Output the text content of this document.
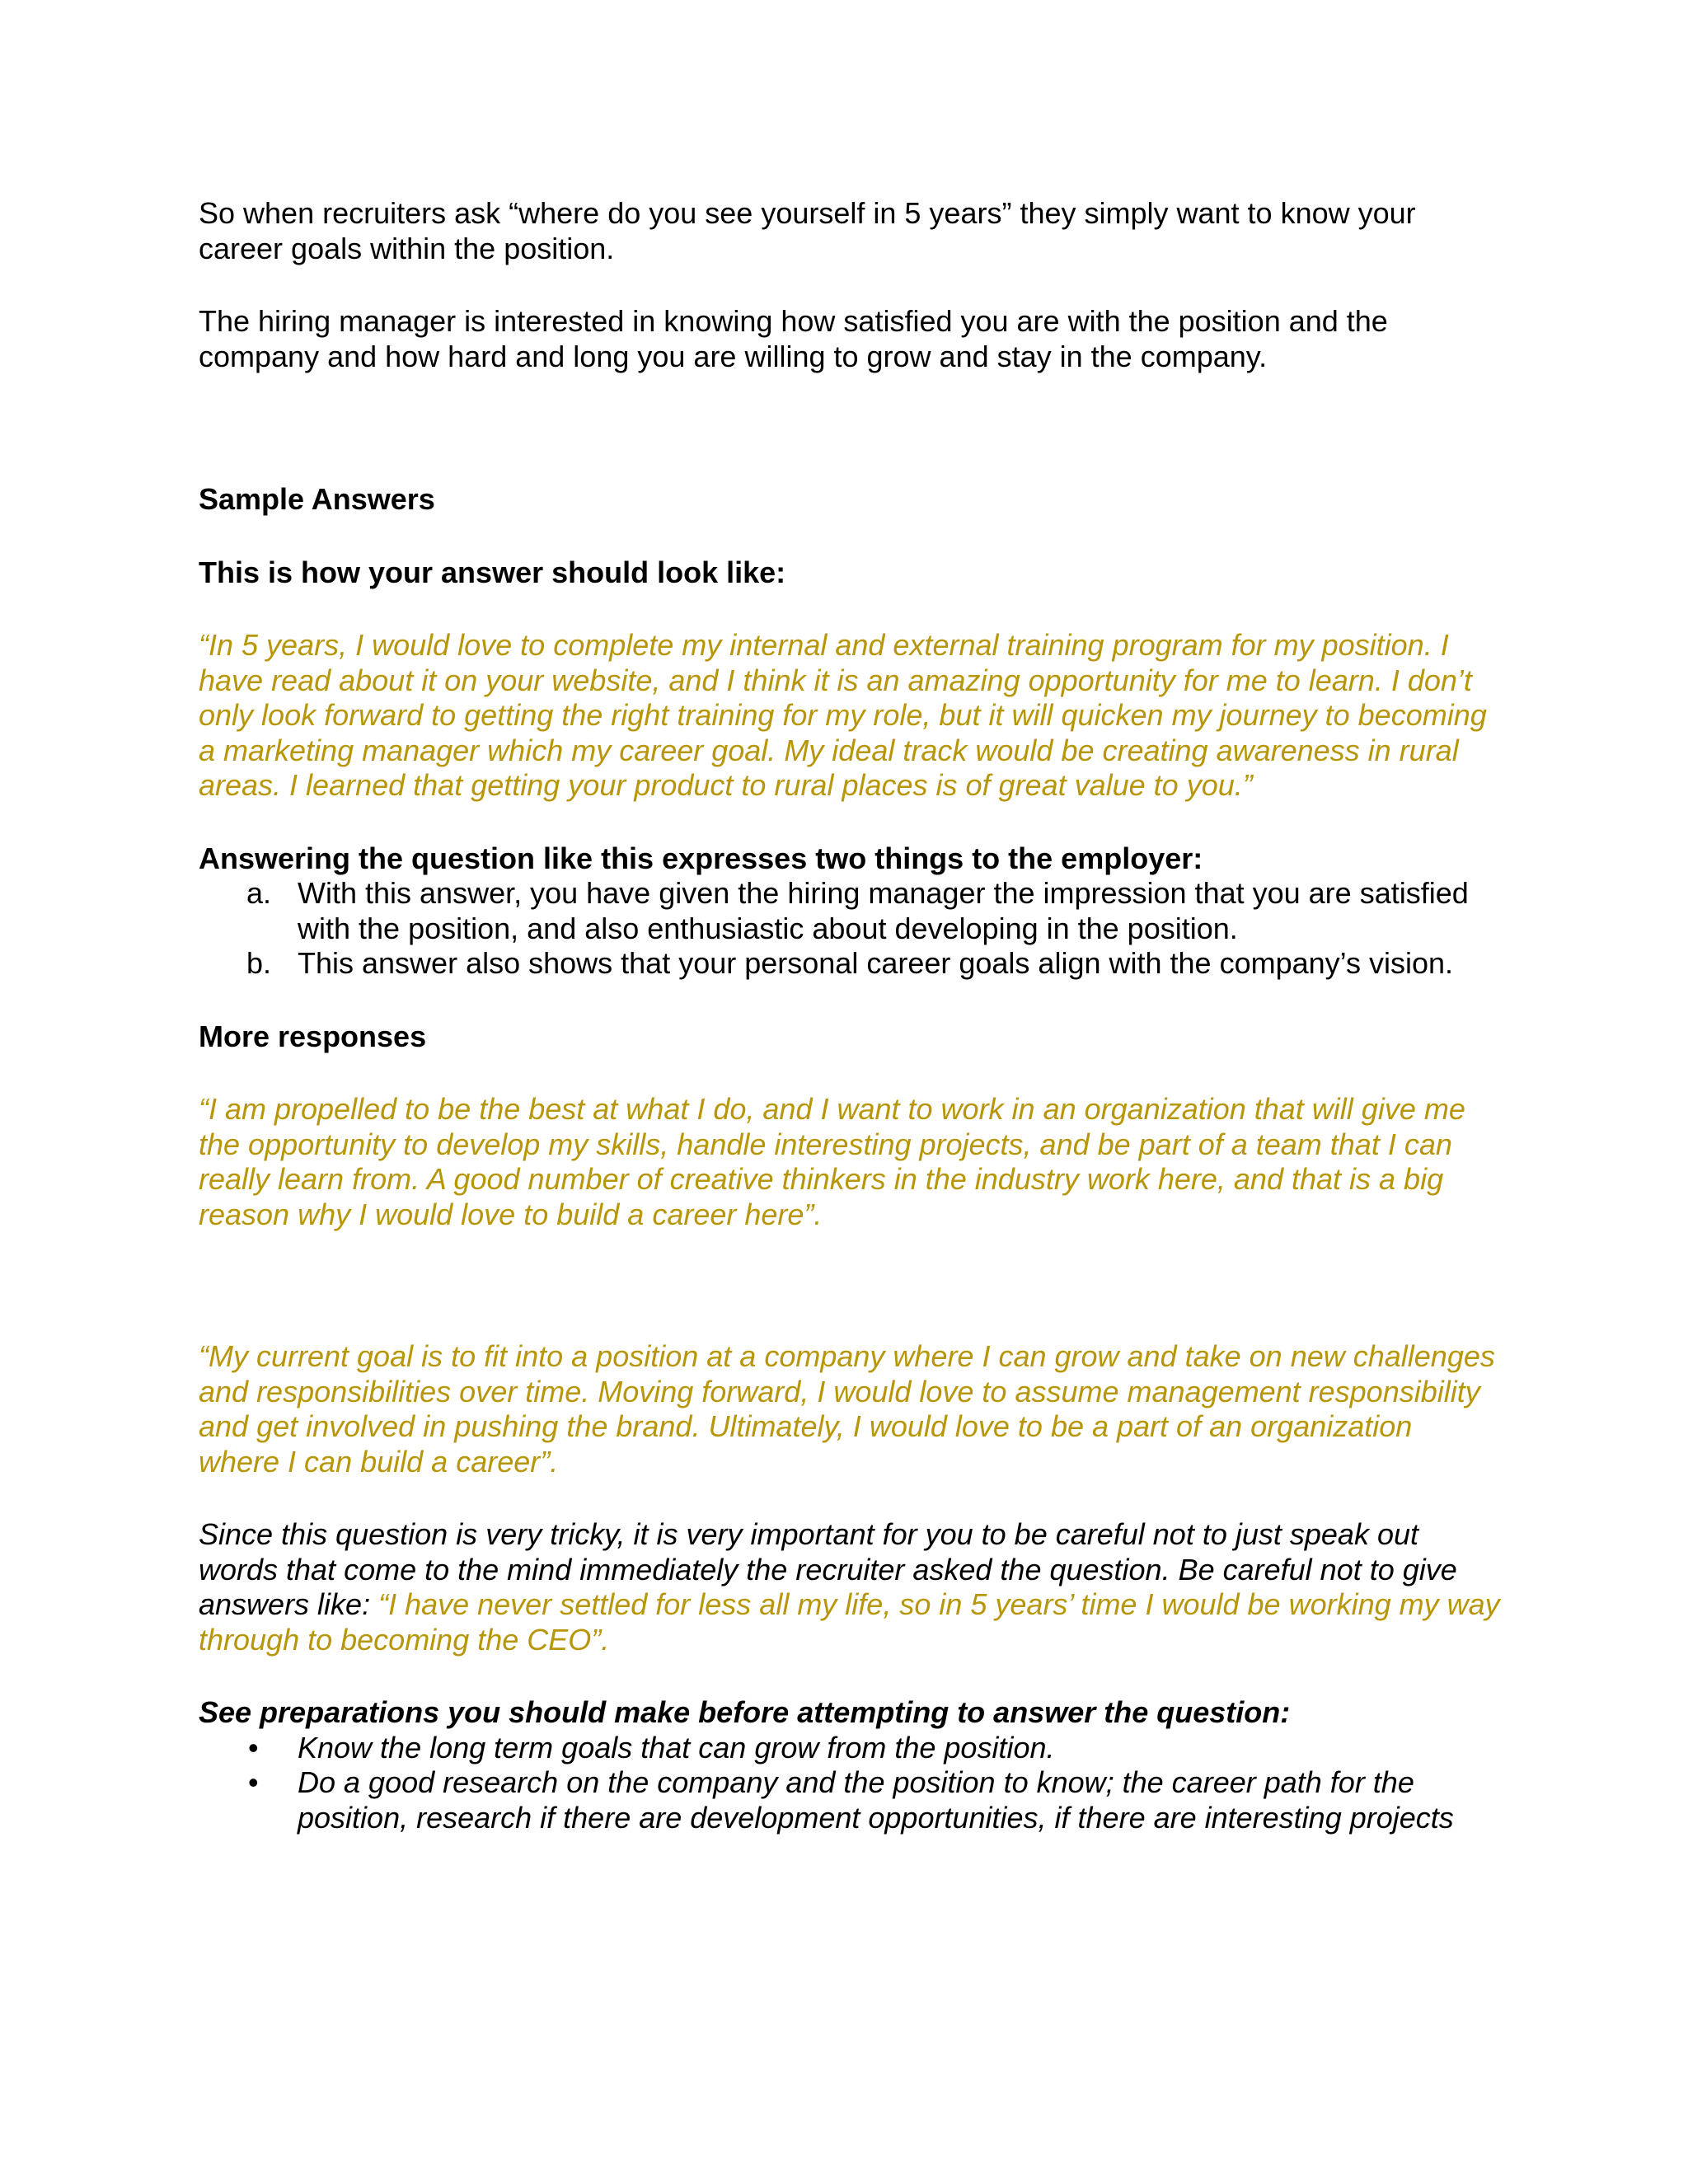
So when recruiters ask “where do you see yourself in 5 years” they simply want to know your career goals within the position.

The hiring manager is interested in knowing how satisfied you are with the position and the company and how hard and long you are willing to grow and stay in the company.

Sample Answers

This is how your answer should look like:

“In 5 years, I would love to complete my internal and external training program for my position. I have read about it on your website, and I think it is an amazing opportunity for me to learn. I don’t only look forward to getting the right training for my role, but it will quicken my journey to becoming a marketing manager which my career goal. My ideal track would be creating awareness in rural areas. I learned that getting your product to rural places is of great value to you.”

Answering the question like this expresses two things to the employer:

a. With this answer, you have given the hiring manager the impression that you are satisfied with the position, and also enthusiastic about developing in the position.
b. This answer also shows that your personal career goals align with the company’s vision.

More responses

“I am propelled to be the best at what I do, and I want to work in an organization that will give me the opportunity to develop my skills, handle interesting projects, and be part of a team that I can really learn from. A good number of creative thinkers in the industry work here, and that is a big reason why I would love to build a career here”.

“My current goal is to fit into a position at a company where I can grow and take on new challenges and responsibilities over time. Moving forward, I would love to assume management responsibility and get involved in pushing the brand. Ultimately, I would love to be a part of an organization where I can build a career”.

Since this question is very tricky, it is very important for you to be careful not to just speak out words that come to the mind immediately the recruiter asked the question. Be careful not to give answers like: “I have never settled for less all my life, so in 5 years’ time I would be working my way through to becoming the CEO”.

See preparations you should make before attempting to answer the question:

• Know the long term goals that can grow from the position.
• Do a good research on the company and the position to know; the career path for the position, research if there are development opportunities, if there are interesting projects
